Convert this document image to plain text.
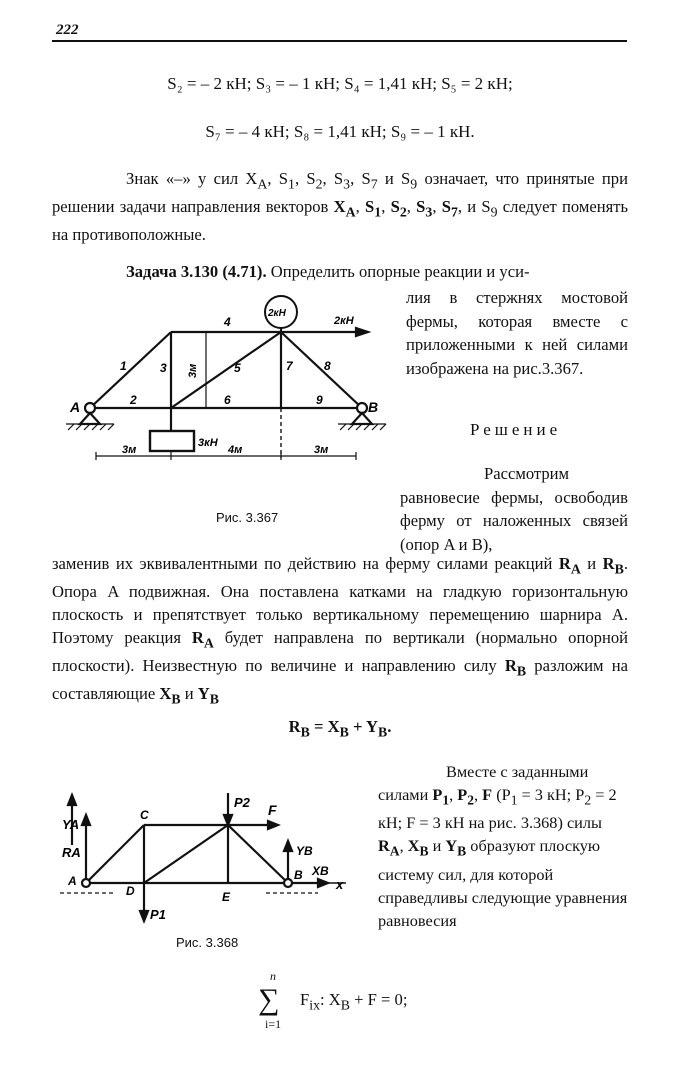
222
S₂ = – 2 кН; S₃ = – 1 кН; S₄ = 1,41 кН; S₅ = 2 кН;
S₇ = – 4 кН; S₈ = 1,41 кН; S₉ = – 1 кН.
Знак «–» у сил $X_A$, $S_1$, $S_2$, $S_3$, $S_7$ и $S_9$ означает, что принятые при решении задачи направления векторов $X_A$, $S_1$, $S_2$, $S_3$, $S_7$, и $S_9$ следует поменять на противоположные.
Задача 3.130 (4.71). Определить опорные реакции и уси-
лия в стержнях мостовой фермы, которая вместе с приложенными к ней силами изображена на рис.3.367.
A	B
1
2
3
4
5
6
7	8
9
2кН
2кН
3м
3кН
3м	4м	3м
Рис. 3.367
Решение
Рассмотрим равновесие фермы, освободив ферму от наложенных связей (опор A и B),
заменив их эквивалентными по действию на ферму силами реакций $R_A$ и $R_B$. Опора A подвижная. Она поставлена катками на гладкую горизонтальную плоскость и препятствует только вертикальному перемещению шарнира A. Поэтому реакция $R_A$ будет направлена по вертикали (нормально опорной плоскости). Неизвестную по величине и направлению силу $R_B$ разложим на составляющие $X_B$ и $Y_B$
$R_B = X_B + Y_B$.
YA
RA
A
C
D	E
B
P1
P2 F
YB
XB
x
Рис. 3.368
Вместе с заданными силами $P_1$, $P_2$, F ($P_1 = 3$ кН; $P_2 = 2$ кН; F = 3 кН на рис. 3.368) силы $R_A$, $X_B$ и $Y_B$ образуют плоскую систему сил, для которой справедливы следующие уравнения равновесия
n
∑
i=1
$F_{ix}$: $X_B + F = 0$;
